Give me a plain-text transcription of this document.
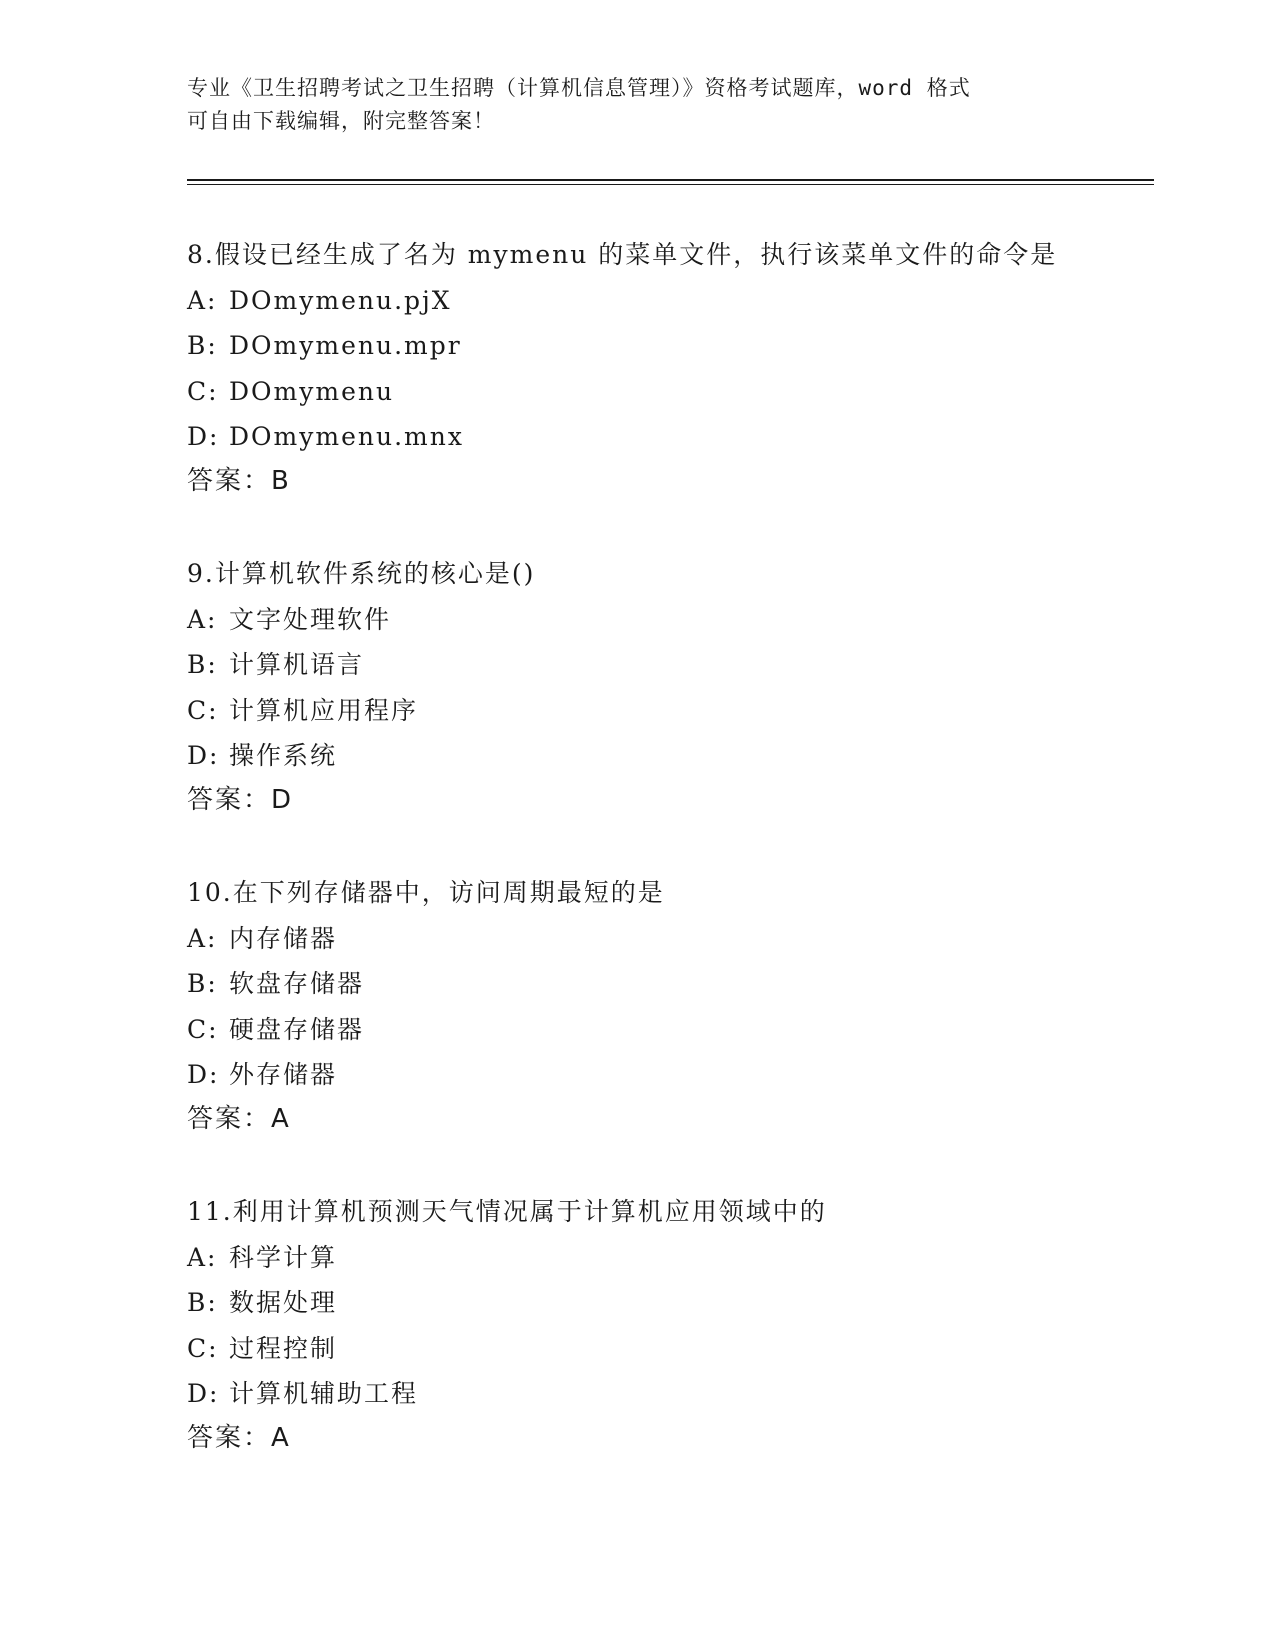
专业《卫生招聘考试之卫生招聘（计算机信息管理）》资格考试题库，word 格式
可自由下载编辑，附完整答案！
8.假设已经生成了名为 mymenu 的菜单文件，执行该菜单文件的命令是
A: DOmymenu.pjX
B: DOmymenu.mpr
C: DOmymenu
D: DOmymenu.mnx
答案：B
9.计算机软件系统的核心是()
A: 文字处理软件
B: 计算机语言
C: 计算机应用程序
D: 操作系统
答案：D
10.在下列存储器中，访问周期最短的是
A: 内存储器
B: 软盘存储器
C: 硬盘存储器
D: 外存储器
答案：A
11.利用计算机预测天气情况属于计算机应用领域中的
A: 科学计算
B: 数据处理
C: 过程控制
D: 计算机辅助工程
答案：A
